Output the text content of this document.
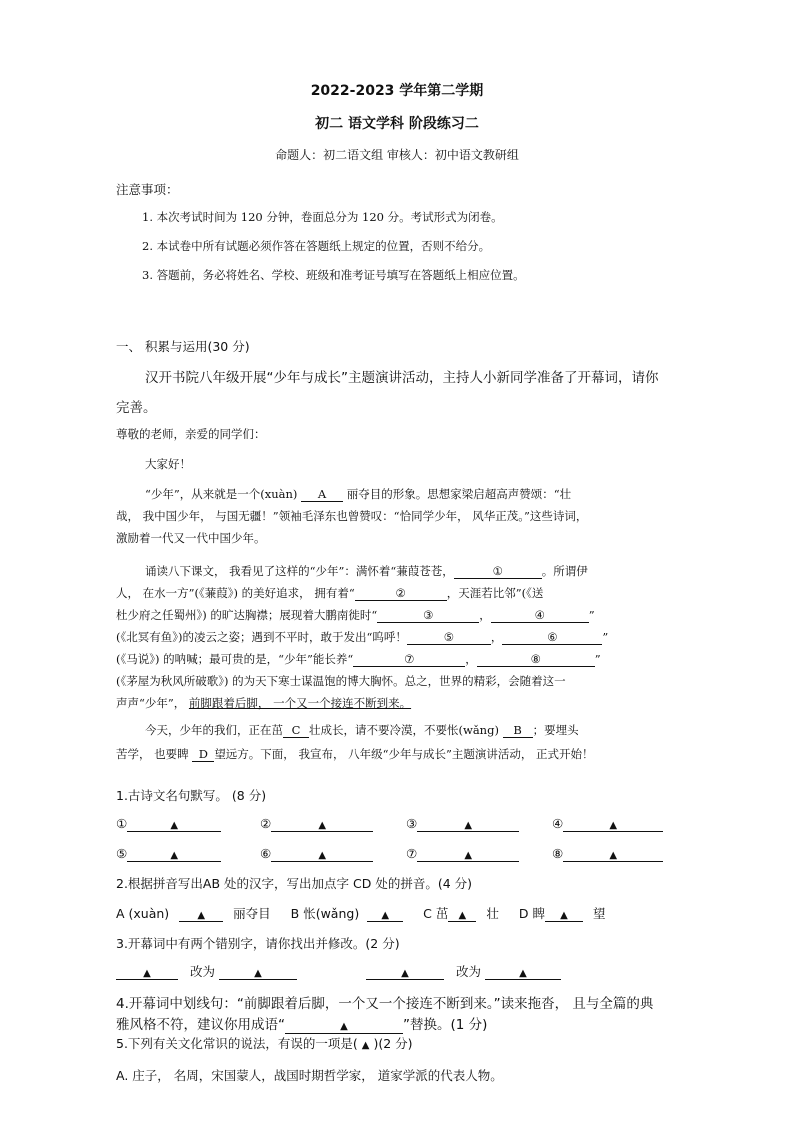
2022-2023 学年第二学期
初二 语文学科 阶段练习二
命题人：初二语文组 审核人：初中语文教研组
注意事项：
1. 本次考试时间为 120 分钟，卷面总分为 120 分。考试形式为闭卷。
2. 本试卷中所有试题必须作答在答题纸上规定的位置，否则不给分。
3. 答题前，务必将姓名、学校、班级和准考证号填写在答题纸上相应位置。
一、 积累与运用(30 分)
汉开书院八年级开展“少年与成长”主题演讲活动，主持人小新同学准备了开幕词，请你
完善。
尊敬的老师，亲爱的同学们：
大家好！
“少年”，从来就是一个(xuàn) A 丽夺目的形象。思想家梁启超高声赞颂：“壮
哉， 我中国少年， 与国无疆！”领袖毛泽东也曾赞叹：“恰同学少年， 风华正茂。”这些诗词，
激励着一代又一代中国少年。
诵读八下课文， 我看见了这样的“少年”：满怀着“蒹葭苍苍，	①	。所谓伊
人， 在水一方”(《蒹葭》) 的美好追求， 拥有着“	②	，天涯若比邻”(《送
杜少府之任蜀州》) 的旷达胸襟；展现着大鹏南徙时“	③	，	④	”
(《北冥有鱼》)的凌云之姿；遇到不平时，敢于发出“呜呼！	⑤	，	⑥	”
(《马说》) 的呐喊；最可贵的是，“少年”能长养“	⑦	，	⑧	”
(《茅屋为秋风所破歌》) 的为天下寒士谋温饱的博大胸怀。总之，世界的精彩，会随着这一
声声“少年”， 前脚跟着后脚， 一个又一个接连不断到来。
今天，少年的我们，正在茁 C 壮成长，请不要冷漠，不要怅(wǎng) B ；要埋头
苦学， 也要睥 D 望远方。下面， 我宣布， 八年级“少年与成长”主题演讲活动， 正式开始！
1.古诗文名句默写。 (8 分)
①	▲	②	▲	③	▲	④	▲
⑤	▲	⑥	▲	⑦	▲	⑧	▲
2.根据拼音写出AB 处的汉字，写出加点字 CD 处的拼音。(4 分)
A (xuàn)	▲ 丽夺目 B 怅(wǎng) ▲	C 茁 ▲ 壮 D 睥 ▲ 望
3.开幕词中有两个错别字，请你找出并修改。(2 分)
▲	改为	▲	▲	改为	▲
4.开幕词中划线句：“前脚跟着后脚，一个又一个接连不断到来。”读来拖沓， 且与全篇的典
雅风格不符，建议你用成语“	▲	”替换。(1 分)
5.下列有关文化常识的说法，有误的一项是( ▲ )(2 分)
A. 庄子， 名周，宋国蒙人，战国时期哲学家， 道家学派的代表人物。
